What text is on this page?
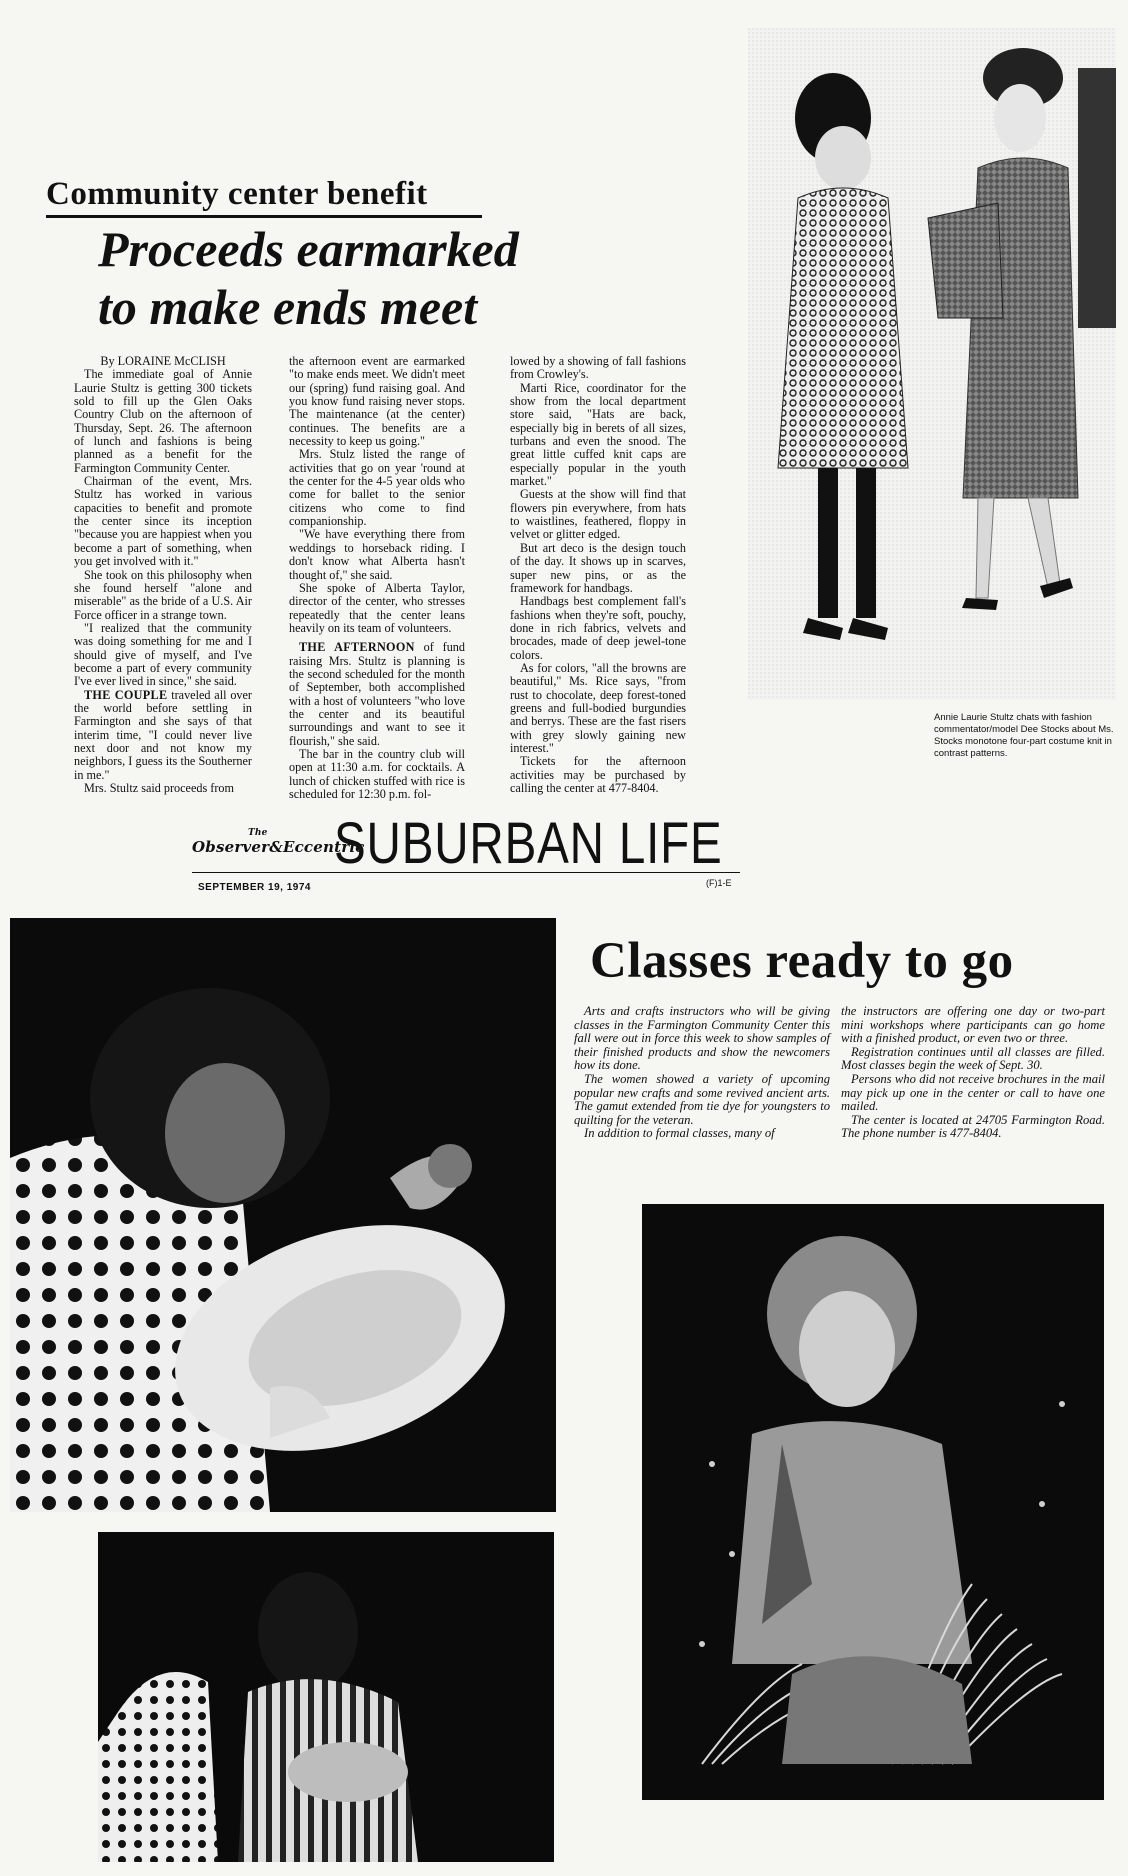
Community center benefit
Proceeds earmarked
to make ends meet

By LORAINE McCLISH

The immediate goal of Annie Laurie Stultz is getting 300 tickets sold to fill up the Glen Oaks Country Club on the afternoon of Thursday, Sept. 26. The afternoon of lunch and fashions is being planned as a benefit for the Farmington Community Center.

Chairman of the event, Mrs. Stultz has worked in various capacities to benefit and promote the center since its inception "because you are happiest when you become a part of something, when you get involved with it."

She took on this philosophy when she found herself "alone and miserable" as the bride of a U.S. Air Force officer in a strange town.

"I realized that the community was doing something for me and I should give of myself, and I've become a part of every community I've ever lived in since," she said.

THE COUPLE traveled all over the world before settling in Farmington and she says of that interim time, "I could never live next door and not know my neighbors, I guess its the Southerner in me."

Mrs. Stultz said proceeds from

the afternoon event are earmarked "to make ends meet. We didn't meet our (spring) fund raising goal. And you know fund raising never stops. The maintenance (at the center) continues. The benefits are a necessity to keep us going."

Mrs. Stulz listed the range of activities that go on year 'round at the center for the 4-5 year olds who come for ballet to the senior citizens who come to find companionship.

"We have everything there from weddings to horseback riding. I don't know what Alberta hasn't thought of," she said.

She spoke of Alberta Taylor, director of the center, who stresses repeatedly that the center leans heavily on its team of volunteers.

THE AFTERNOON of fund raising Mrs. Stultz is planning is the second scheduled for the month of September, both accomplished with a host of volunteers "who love the center and its beautiful surroundings and want to see it flourish," she said.

The bar in the country club will open at 11:30 a.m. for cocktails. A lunch of chicken stuffed with rice is scheduled for 12:30 p.m. fol-

lowed by a showing of fall fashions from Crowley's.

Marti Rice, coordinator for the show from the local department store said, "Hats are back, especially big in berets of all sizes, turbans and even the snood. The great little cuffed knit caps are especially popular in the youth market."

Guests at the show will find that flowers pin everywhere, from hats to waistlines, feathered, floppy in velvet or glitter edged.

But art deco is the design touch of the day. It shows up in scarves, super new pins, or as the framework for handbags.

Handbags best complement fall's fashions when they're soft, pouchy, done in rich fabrics, velvets and brocades, made of deep jewel-tone colors.

As for colors, "all the browns are beautiful," Ms. Rice says, "from rust to chocolate, deep forest-toned greens and full-bodied burgundies and berrys. These are the fast risers with grey slowly gaining new interest."

Tickets for the afternoon activities may be purchased by calling the center at 477-8404.

Annie Laurie Stultz chats with fashion commentator/model Dee Stocks about Ms. Stocks monotone four-part costume knit in contrast patterns.
The
Observer&Eccentric
SUBURBAN LIFE
SEPTEMBER 19, 1974	(F)1-E
Classes ready to go

Arts and crafts instructors who will be giving classes in the Farmington Community Center this fall were out in force this week to show samples of their finished products and show the newcomers how its done.

The women showed a variety of upcoming popular new crafts and some revived ancient arts. The gamut extended from tie dye for youngsters to quilting for the veteran.

In addition to formal classes, many of

the instructors are offering one day or two-part mini workshops where participants can go home with a finished product, or even two or three.

Registration continues until all classes are filled. Most classes begin the week of Sept. 30.

Persons who did not receive brochures in the mail may pick up one in the center or call to have one mailed.

The center is located at 24705 Farmington Road. The phone number is 477-8404.
